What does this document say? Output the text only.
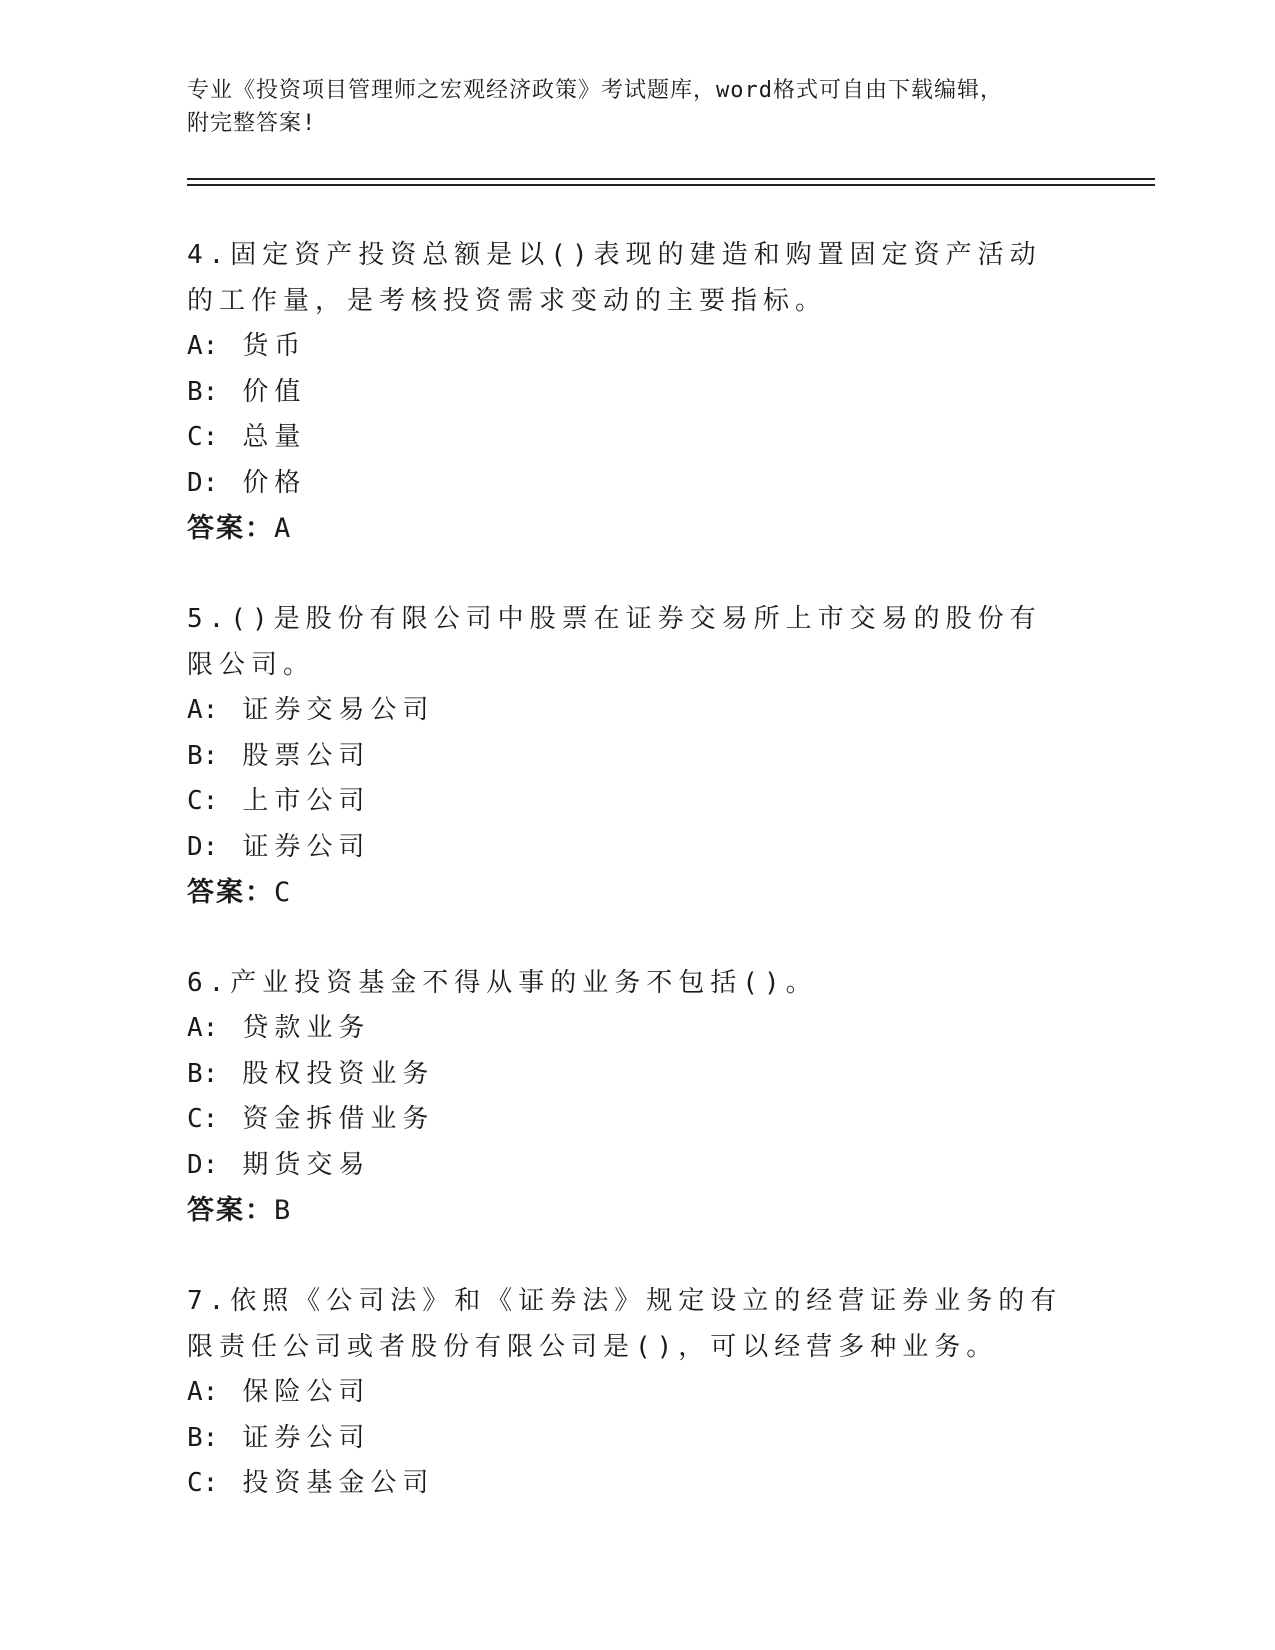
专业《投资项目管理师之宏观经济政策》考试题库，word格式可自由下载编辑，
附完整答案!
4.固定资产投资总额是以()表现的建造和购置固定资产活动的工作量，是考核投资需求变动的主要指标。
A: 货币
B: 价值
C: 总量
D: 价格
答案：A
5.()是股份有限公司中股票在证券交易所上市交易的股份有限公司。
A: 证券交易公司
B: 股票公司
C: 上市公司
D: 证券公司
答案：C
6.产业投资基金不得从事的业务不包括()。
A: 贷款业务
B: 股权投资业务
C: 资金拆借业务
D: 期货交易
答案：B
7.依照《公司法》和《证券法》规定设立的经营证券业务的有限责任公司或者股份有限公司是()，可以经营多种业务。
A: 保险公司
B: 证券公司
C: 投资基金公司
